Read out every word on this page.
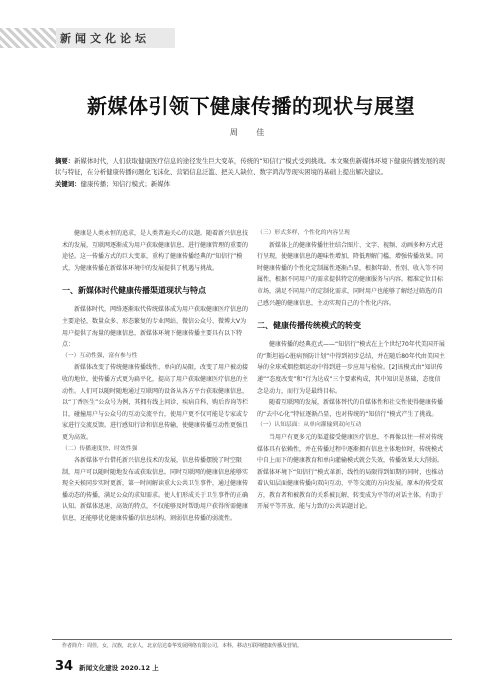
新闻文化论坛
新媒体引领下健康传播的现状与展望
周 佳
摘要：新媒体时代，人们获取健康医疗信息的途径发生巨大变革，传统的“知信行”模式受到挑战。本文聚焦新媒体环境下健康传播发展的现状与特征，在分析健康传播问题化飞沫化、营销信息泛滥、把关人缺位、数字鸿沟等现实困境的基础上提出解决建议。
关键词：健康传播；知信行模式；新媒体

健康是人类永恒的追求，是人类普遍关心的议题。随着新兴信息技术的发展，互联网逐渐成为用户获取健康信息、进行健康管理的重要的途径。这一传播方式的巨大变革，重构了健康传播经典的“知信行”模式，为健康传播在新媒体环境中的发展提供了机遇与挑战。

一、新媒体时代健康传播渠道现状与特点

新媒体时代，网络逐渐取代传统媒体成为用户获取健康医疗信息的主要途径，数量众多、形态繁复的专业网站、微信公众号、微博大V为用户提供了海量的健康信息，新媒体环境下健康传播主要具有以下特点：

（一）互动性强，富有参与性

新媒体改变了传统健康传播线性、单向的局限，改变了用户被动接收的地位，使传播方式更为扁平化，提高了用户获取健康医疗信息的主动性。人们可以随时随地通过互联网的设备从各方平台获取健康信息，以“丁香医生”公众号为例，其拥有线上问诊、疾病自科、购后咨询等栏目，碰撞用户与公众号的互动交流平台，使用户更不仅可能是专家或专家进行交流反馈。进行感知行诊和信息传输，使健康传播互动性更强且更为高效。

（二）传播速度快，时效性强

各新媒体平台借托新兴信息技术的发展，信息传播摆脱了时空限制，用户可以随时随地发布或获取信息。同时互联网的健康信息能够实现全天候同步实时更新，第一时间解读重大公共卫生事件，通过健康传播动态的传播，满足公众的求知需求。使人们形成关于卫生事件的正确认知。新媒体迅速、高效的特点，不仅能够及时帮助用户获得所需健康信息，还能够优化健康传播的信息结构，割弱信息传播的弱流性。

（三）形式多样，个性化的内容呈现

新媒体上的健康传播往往结合图片、文字、视频、动画多种方式进行呈现，使健康信息的趣味性增加，降低理解门槛，增强传播效果。同时健康传播的个性化定制属性逐渐凸显，根据年龄、性别、收入等不同属性，根据不同用户的需求提供特定的健康服务与内容。精准定位目标市场，满足不同用户的定制化需求，同时用户也能够了解经过筛选的自己感兴趣的健康信息，主动实现自己的个性化内容。

二、健康传播传统模式的转变

健康传播的经典范式——“知信行”模式在上个世纪70年代美国开展的“斯坦福心脏病预防计划”中得到初步总结，并在随后80年代由美国主导的全球戒烟控烟运动中得到进一步应用与检验。[2]该模式由“知识传递”“态度改变”和“行为达成”三个要素构成，其中知识是基础，态度信念是动力，而行为是最终目标。

随着互联网的发展，新媒体替代的自媒体性和社交性使得健康传播的“去中心化”特征逐渐凸显，也对传统的“知信行”模式产生了挑战。

（一）认知层面：从单向灌输到双向互动

当用户有更多元的渠道接受健康医疗信息，不再像以往一样对传统媒体具有依赖性，并在传播过程中逐渐拥有信息主体地位时，传统模式中自上而下的健康教育和单向灌输模式就会失效，传播效果大大削弱。新媒体环境下“知信行”模式革新，线性的局限得到如期的同时，也推动着认知层面健康传播向双向互动、平等交流的方向发展。原本的传受双方，教育者和被教育的关系被瓦解，转变成为平等的对话主体，有助于开展平等开放、能与力致的公共话题讨论。

作者简介：周佳，女，汉族，北京人，北京信达泰华发展网络有限公司，本科，移动互联网健康传播及营销。
34 新闻文化建设 2020.12 上
